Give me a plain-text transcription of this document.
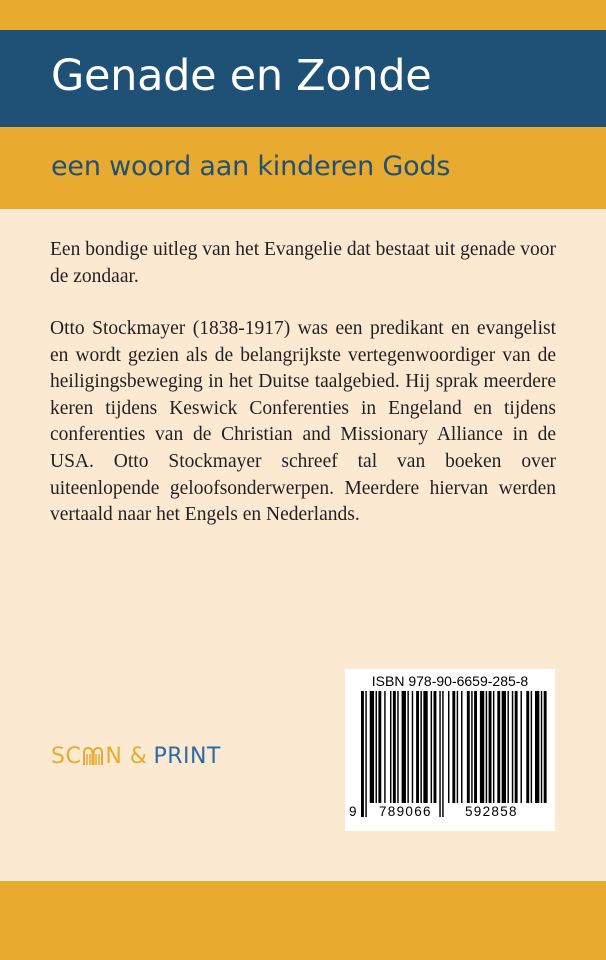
Genade en Zonde
een woord aan kinderen Gods

Een bondige uitleg van het Evangelie dat bestaat uit genade voor de zondaar.

Otto Stockmayer (1838-1917) was een predikant en evangelist en wordt gezien als de belangrijkste vertegenwoordiger van de heiligingsbeweging in het Duitse taalgebied. Hij sprak meerdere keren tijdens Keswick Conferenties in Engeland en tijdens conferenties van de Christian and Missionary Alliance in de USA. Otto Stockmayer schreef tal van boeken over uiteenlopende geloofsonderwerpen. Meerdere hiervan werden vertaald naar het Engels en Nederlands.

SC N & PRINT
ISBN 978-90-6659-285-8
9 789066 592858
